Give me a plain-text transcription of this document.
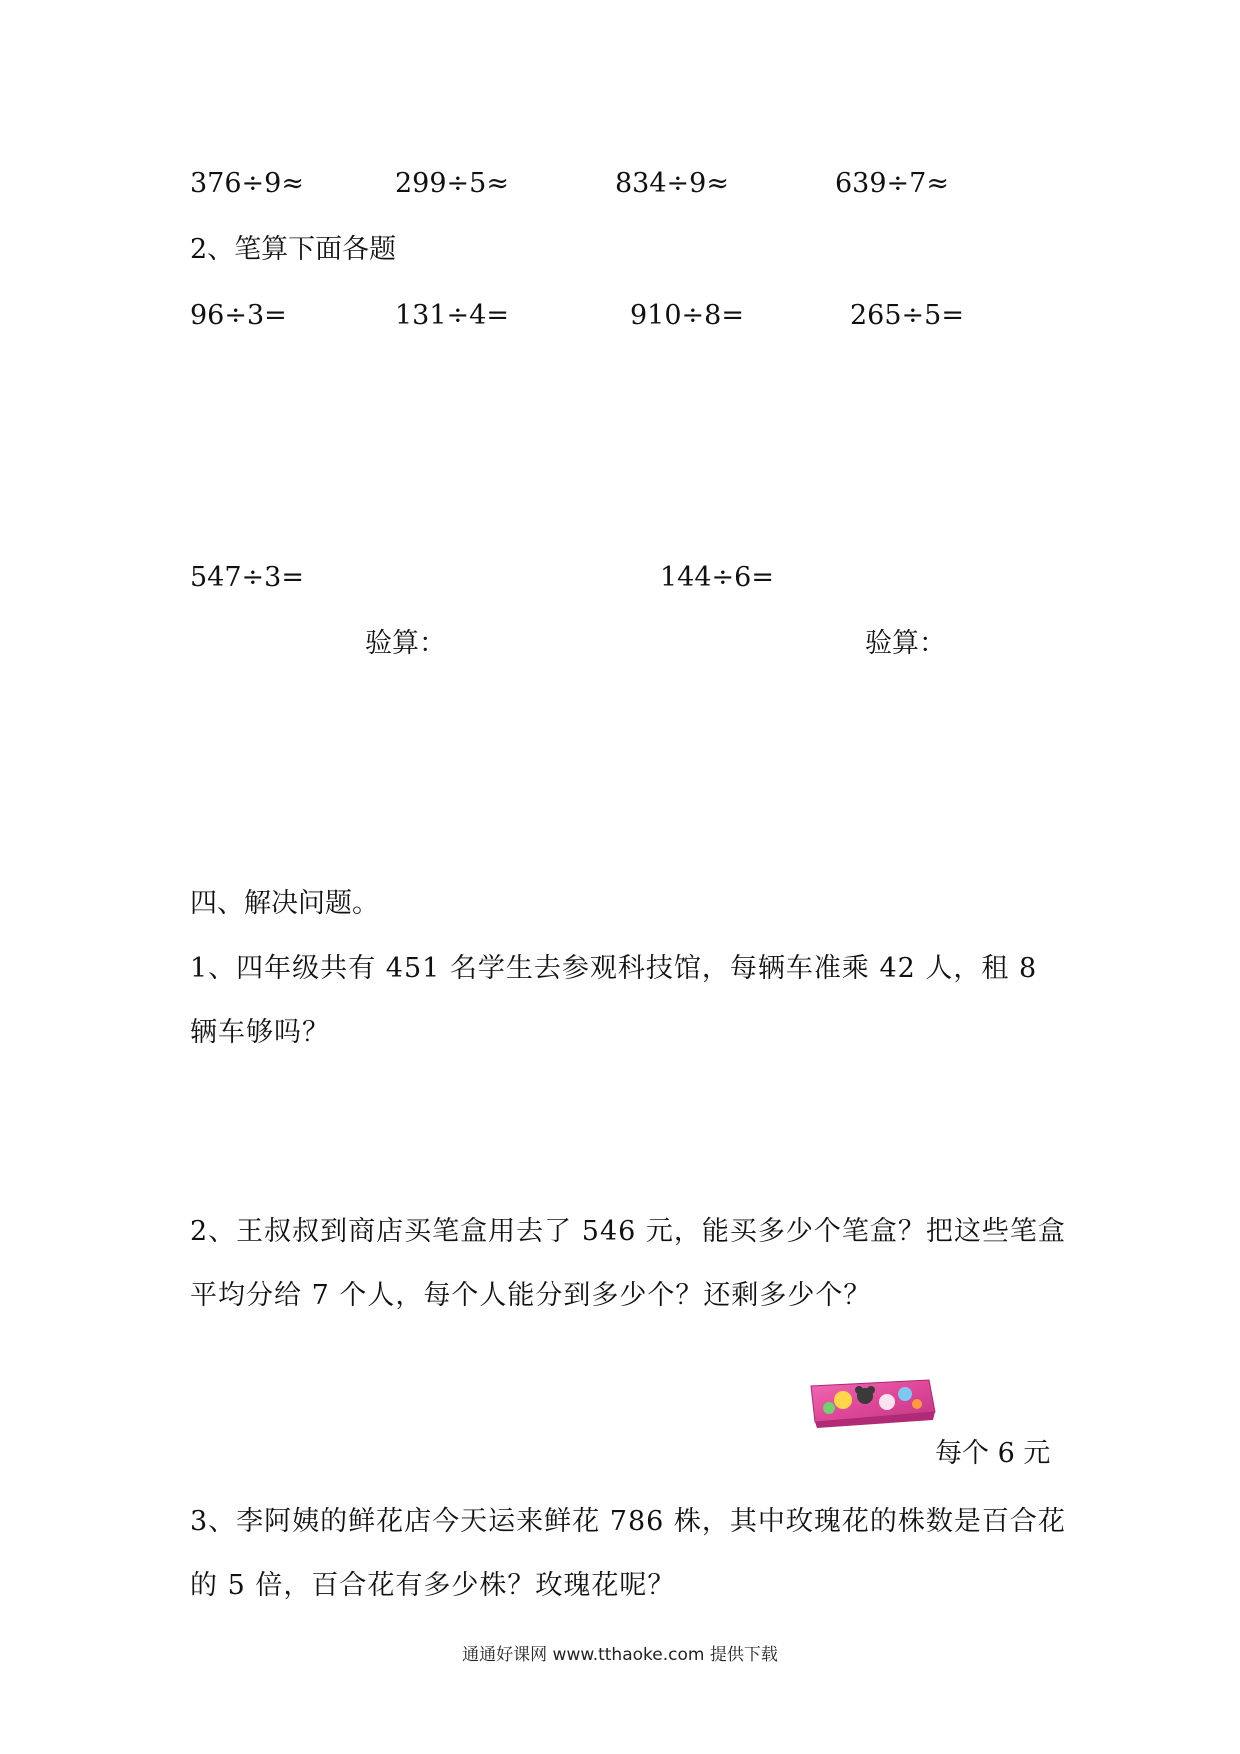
376÷9≈	299÷5≈	834÷9≈	639÷7≈
2、笔算下面各题
96÷3=	131÷4=	910÷8=	265÷5=
547÷3=	144÷6=
验算：	验算：
四、解决问题。
1、四年级共有 451 名学生去参观科技馆，每辆车准乘 42 人，租 8 辆车够吗？
2、王叔叔到商店买笔盒用去了 546 元，能买多少个笔盒？把这些笔盒平均分给 7 个人，每个人能分到多少个？还剩多少个？
每个 6 元
3、李阿姨的鲜花店今天运来鲜花 786 株，其中玫瑰花的株数是百合花的 5 倍，百合花有多少株？玫瑰花呢？
通通好课网 www.tthaoke.com 提供下载
